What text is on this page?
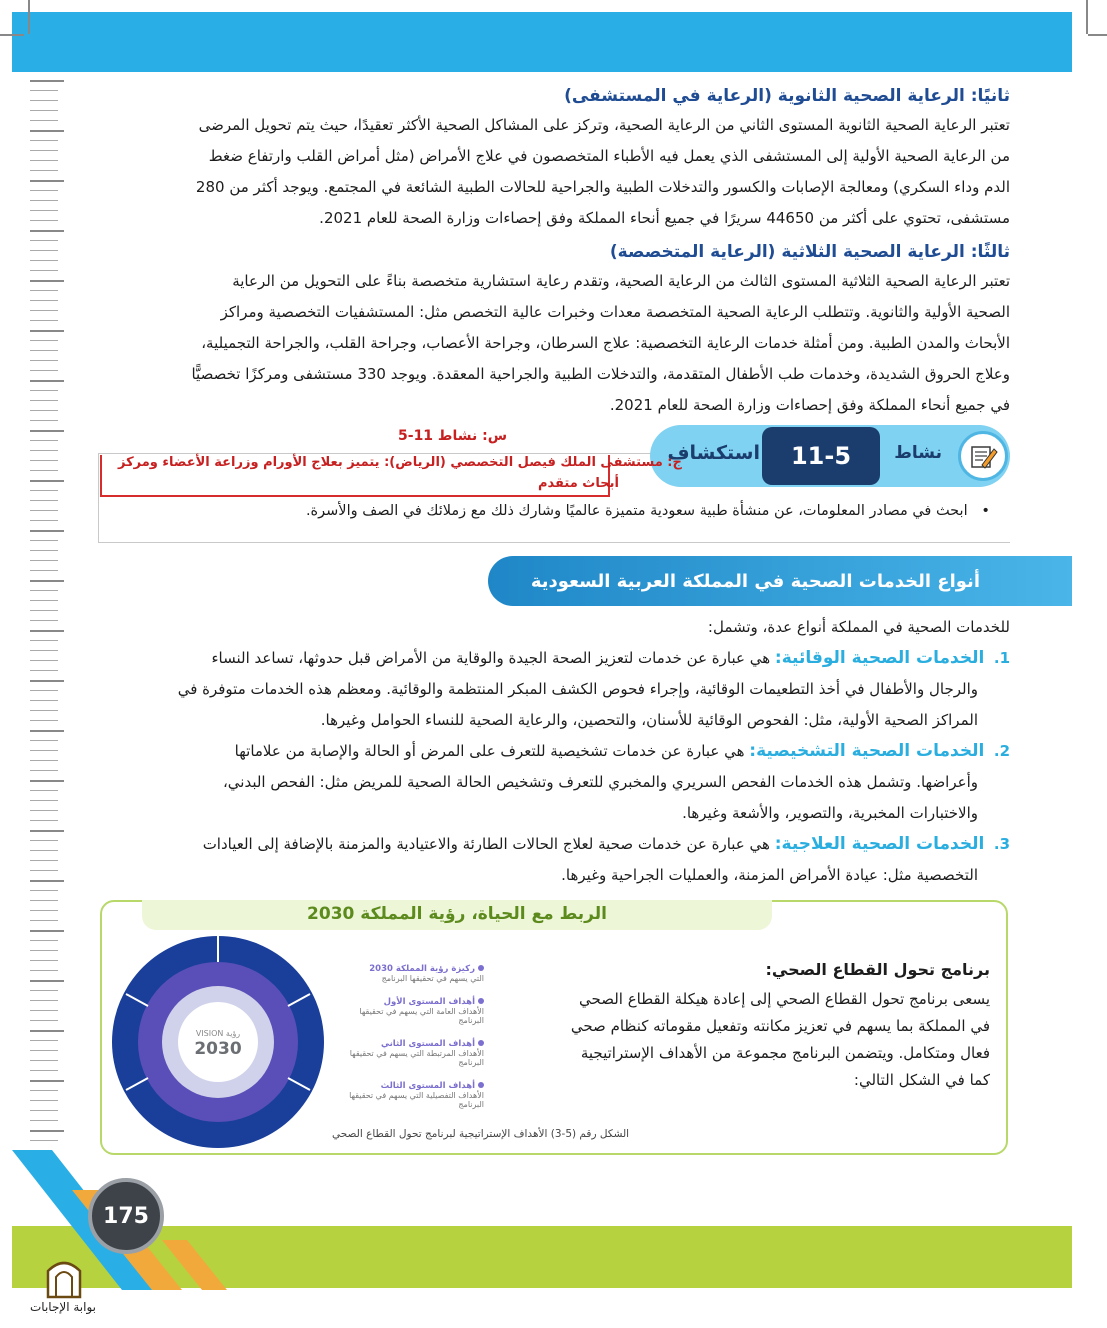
ثانيًا: الرعاية الصحية الثانوية (الرعاية في المستشفى)
تعتبر الرعاية الصحية الثانوية المستوى الثاني من الرعاية الصحية، وتركز على المشاكل الصحية الأكثر تعقيدًا، حيث يتم تحويل المرضى
من الرعاية الصحية الأولية إلى المستشفى الذي يعمل فيه الأطباء المتخصصون في علاج الأمراض (مثل أمراض القلب وارتفاع ضغط
الدم وداء السكري) ومعالجة الإصابات والكسور والتدخلات الطبية والجراحية للحالات الطبية الشائعة في المجتمع. ويوجد أكثر من 280
مستشفى، تحتوي على أكثر من 44650 سريرًا في جميع أنحاء المملكة وفق إحصاءات وزارة الصحة للعام 2021.
ثالثًا: الرعاية الصحية الثلاثية (الرعاية المتخصصة)
تعتبر الرعاية الصحية الثلاثية المستوى الثالث من الرعاية الصحية، وتقدم رعاية استشارية متخصصة بناءً على التحويل من الرعاية
الصحية الأولية والثانوية. وتتطلب الرعاية الصحية المتخصصة معدات وخبرات عالية التخصص مثل: المستشفيات التخصصية ومراكز
الأبحاث والمدن الطبية. ومن أمثلة خدمات الرعاية التخصصية: علاج السرطان، وجراحة الأعصاب، وجراحة القلب، والجراحة التجميلية،
وعلاج الحروق الشديدة، وخدمات طب الأطفال المتقدمة، والتدخلات الطبية والجراحية المعقدة. ويوجد 330 مستشفى ومركزًا تخصصيًّا
في جميع أنحاء المملكة وفق إحصاءات وزارة الصحة للعام 2021.
نشاط
11-5
استكشاف
س: نشاط 11-5
ج: مستشفى الملك فيصل التخصصي (الرياض): يتميز بعلاج الأورام وزراعة الأعضاء ومركز
أبحاث متقدم
•   ابحث في مصادر المعلومات، عن منشأة طبية سعودية متميزة عالميًا وشارك ذلك مع زملائك في الصف والأسرة.
أنواع الخدمات الصحية في المملكة العربية السعودية
للخدمات الصحية في المملكة أنواع عدة، وتشمل:
1.  الخدمات الصحية الوقائية: هي عبارة عن خدمات لتعزيز الصحة الجيدة والوقاية من الأمراض قبل حدوثها، تساعد النساء
والرجال والأطفال في أخذ التطعيمات الوقائية، وإجراء فحوص الكشف المبكر المنتظمة والوقائية. ومعظم هذه الخدمات متوفرة في
المراكز الصحية الأولية، مثل: الفحوص الوقائية للأسنان، والتحصين، والرعاية الصحية للنساء الحوامل وغيرها.
2.  الخدمات الصحية التشخيصية: هي عبارة عن خدمات تشخيصية للتعرف على المرض أو الحالة والإصابة من علاماتها
وأعراضها. وتشمل هذه الخدمات الفحص السريري والمخبري للتعرف وتشخيص الحالة الصحية للمريض مثل: الفحص البدني،
والاختبارات المخبرية، والتصوير، والأشعة وغيرها.
3.  الخدمات الصحية العلاجية: هي عبارة عن خدمات صحية لعلاج الحالات الطارئة والاعتيادية والمزمنة بالإضافة إلى العيادات
التخصصية مثل: عيادة الأمراض المزمنة، والعمليات الجراحية وغيرها.
الربط مع الحياة، رؤية المملكة 2030
VISION رؤية
2030
ركيزة رؤية المملكة 2030
التي يسهم في تحقيقها البرنامج
أهداف المستوى الأول
الأهداف العامة التي يسهم في تحقيقها البرنامج
أهداف المستوى الثاني
الأهداف المرتبطة التي يسهم في تحقيقها البرنامج
أهداف المستوى الثالث
الأهداف التفصيلية التي يسهم في تحقيقها البرنامج
برنامج تحول القطاع الصحي:
يسعى برنامج تحول القطاع الصحي إلى إعادة هيكلة القطاع الصحي
في المملكة بما يسهم في تعزيز مكانته وتفعيل مقوماته كنظام صحي
فعال ومتكامل. ويتضمن البرنامج مجموعة من الأهداف الإستراتيجية
كما في الشكل التالي:
الشكل رقم (5-3) الأهداف الإستراتيجية لبرنامج تحول القطاع الصحي
175
بوابة الإجابات
